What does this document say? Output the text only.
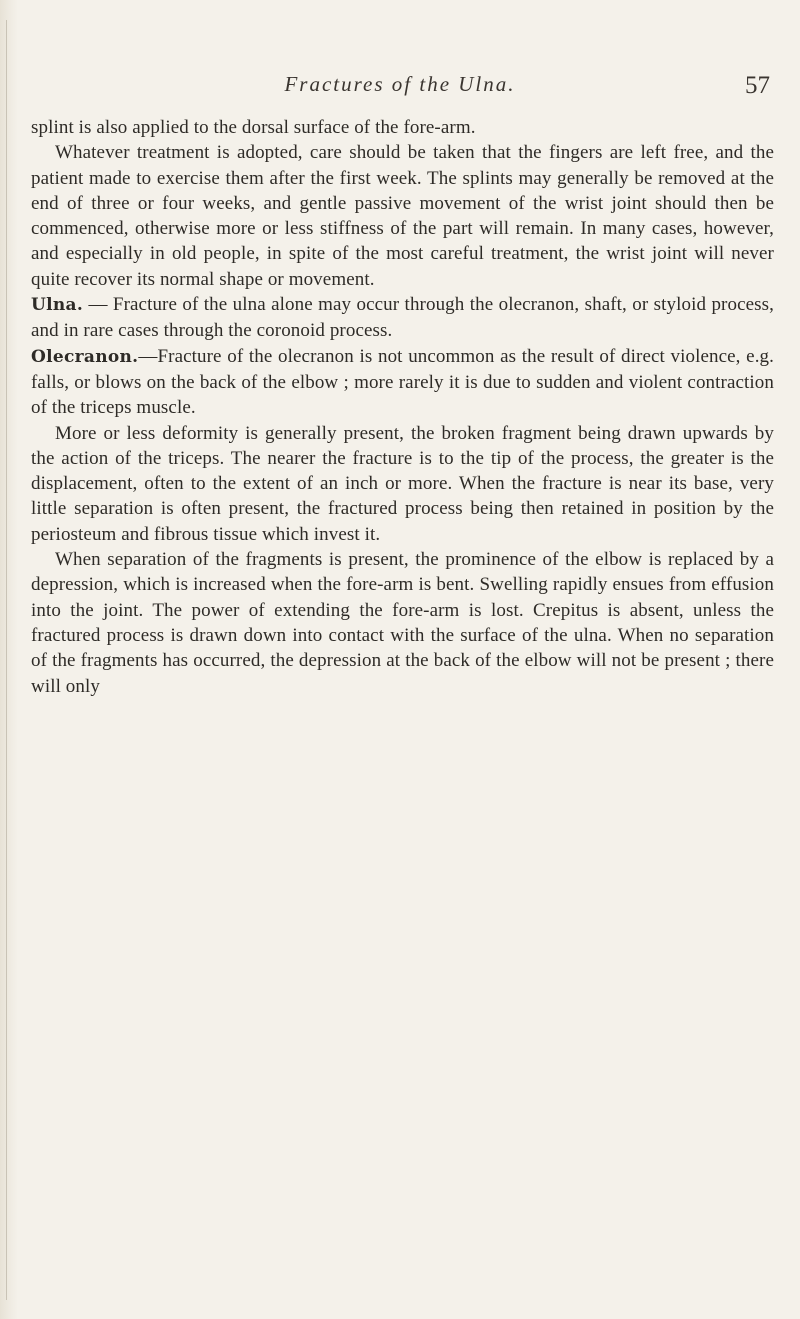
Fractures of the Ulna.	57

splint is also applied to the dorsal surface of the fore-arm.

Whatever treatment is adopted, care should be taken that the fingers are left free, and the patient made to exercise them after the first week. The splints may generally be removed at the end of three or four weeks, and gentle passive movement of the wrist joint should then be commenced, otherwise more or less stiffness of the part will remain. In many cases, however, and especially in old people, in spite of the most careful treatment, the wrist joint will never quite recover its normal shape or movement.

Ulna. — Fracture of the ulna alone may occur through the olecranon, shaft, or styloid process, and in rare cases through the coronoid process.

Olecranon.—Fracture of the olecranon is not uncommon as the result of direct violence, e.g. falls, or blows on the back of the elbow ; more rarely it is due to sudden and violent contraction of the triceps muscle.

More or less deformity is generally present, the broken fragment being drawn upwards by the action of the triceps. The nearer the fracture is to the tip of the process, the greater is the displacement, often to the extent of an inch or more. When the fracture is near its base, very little separation is often present, the fractured process being then retained in position by the periosteum and fibrous tissue which invest it.

When separation of the fragments is present, the prominence of the elbow is replaced by a depression, which is increased when the fore-arm is bent. Swelling rapidly ensues from effusion into the joint. The power of extending the fore-arm is lost. Crepitus is absent, unless the fractured process is drawn down into contact with the surface of the ulna. When no separation of the fragments has occurred, the depression at the back of the elbow will not be present ; there will only
